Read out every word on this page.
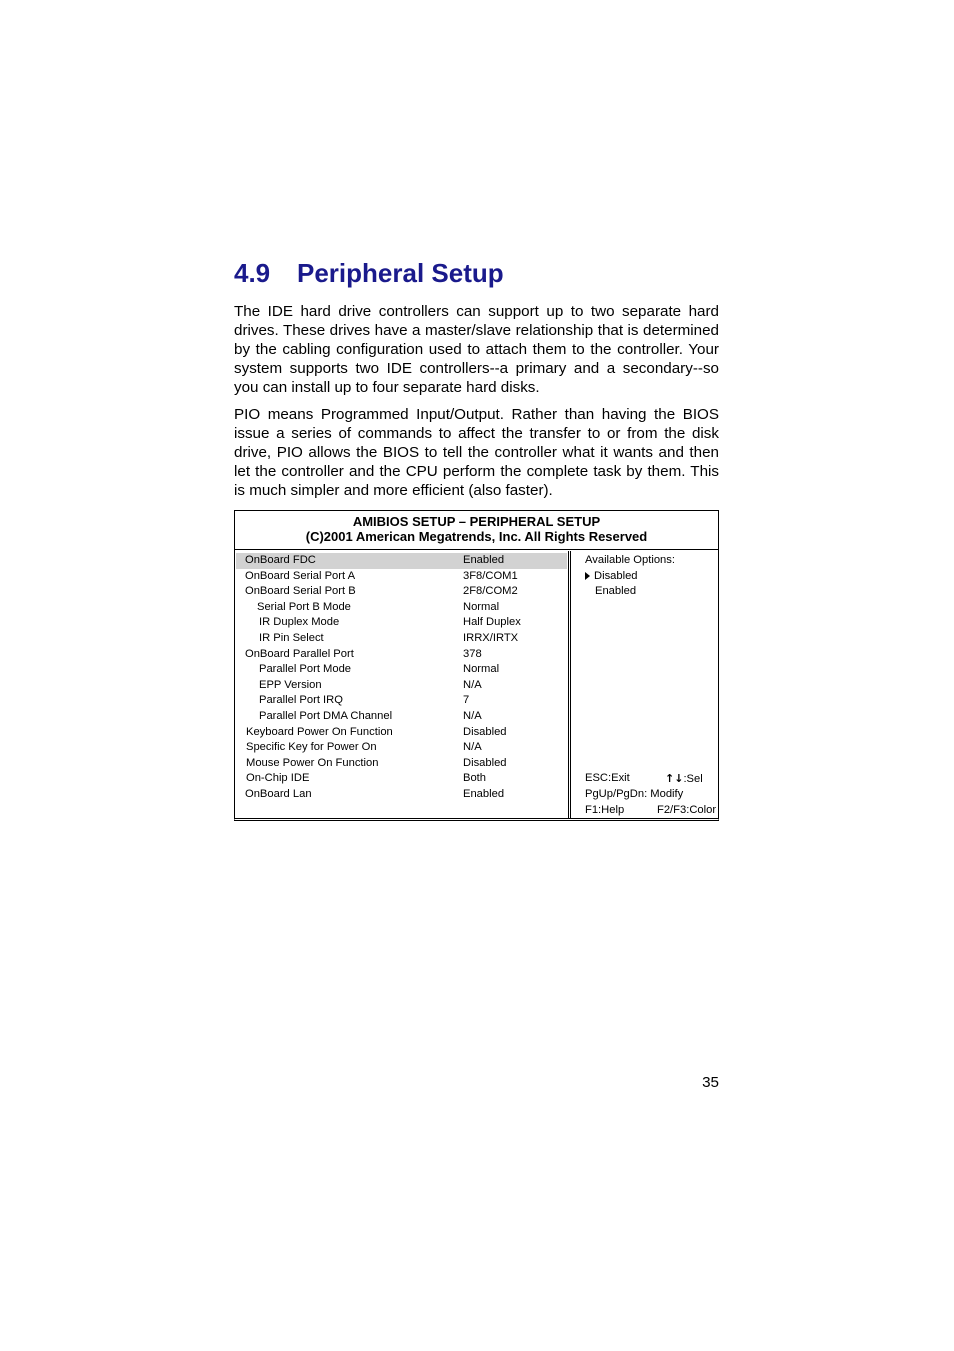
4.9 Peripheral Setup

The IDE hard drive controllers can support up to two separate hard drives. These drives have a master/slave relationship that is determined by the cabling configuration used to attach them to the controller. Your system supports two IDE controllers--a primary and a secondary--so you can install up to four separate hard disks.

PIO means Programmed Input/Output. Rather than having the BIOS issue a series of commands to affect the transfer to or from the disk drive, PIO allows the BIOS to tell the controller what it wants and then let the controller and the CPU perform the complete task by them. This is much simpler and more efficient (also faster).

AMIBIOS SETUP – PERIPHERAL SETUP
(C)2001 American Megatrends, Inc. All Rights Reserved
OnBoard FDC	Enabled
OnBoard Serial Port A	3F8/COM1
OnBoard Serial Port B	2F8/COM2
Serial Port B Mode	Normal
IR Duplex Mode	Half Duplex
IR Pin Select	IRRX/IRTX
OnBoard Parallel Port	378
Parallel Port Mode	Normal
EPP Version	N/A
Parallel Port IRQ	7
Parallel Port DMA Channel	N/A
Keyboard Power On Function	Disabled
Specific Key for Power On	N/A
Mouse Power On Function	Disabled
On-Chip IDE	Both
OnBoard Lan	Enabled
Available Options:
Disabled
Enabled
ESC:Exit	↑↓:Sel
PgUp/PgDn: Modify
F1:Help	F2/F3:Color
35
